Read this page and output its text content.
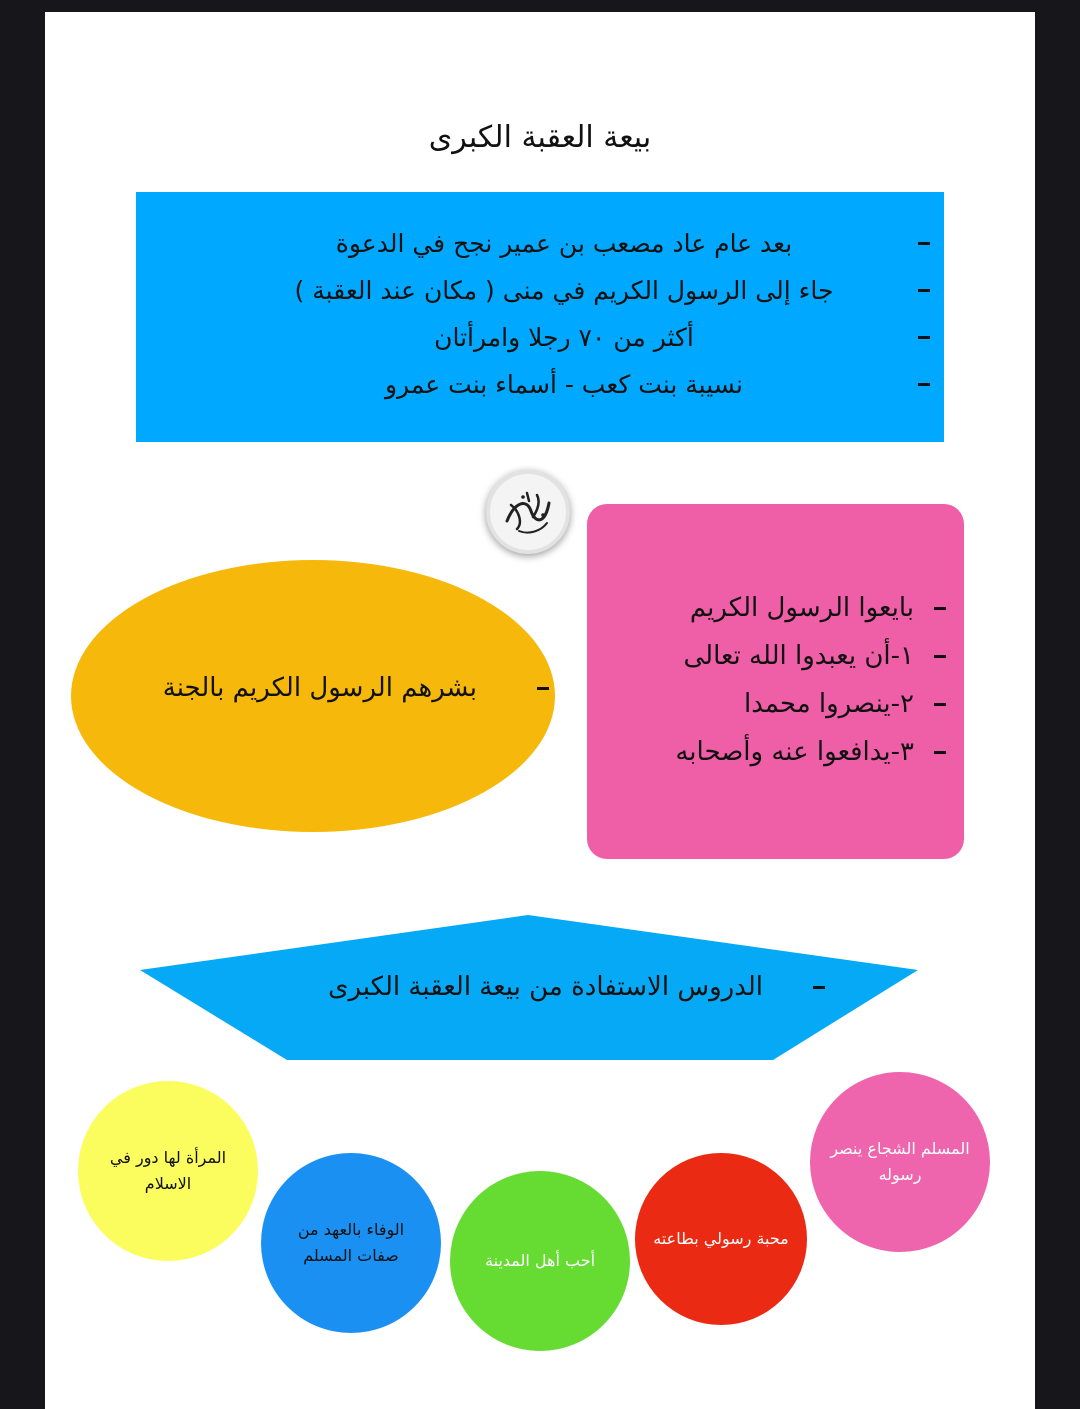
بيعة العقبة الكبرى
بعد عام عاد مصعب بن عمير نجح في الدعوة
جاء إلى الرسول الكريم في منى ( مكان عند العقبة )
أكثر من ٧٠ رجلا وامرأتان
نسيبة بنت كعب - أسماء بنت عمرو
بايعوا الرسول الكريم
١-أن يعبدوا الله تعالى
٢-ينصروا محمدا
٣-يدافعوا عنه وأصحابه
بشرهم الرسول الكريم بالجنة
الدروس الاستفادة من بيعة العقبة الكبرى
المسلم الشجاع ينصر رسوله
محبة رسولي بطاعته
أحب أهل المدينة
الوفاء بالعهد من صفات المسلم
المرأة لها دور في الاسلام
